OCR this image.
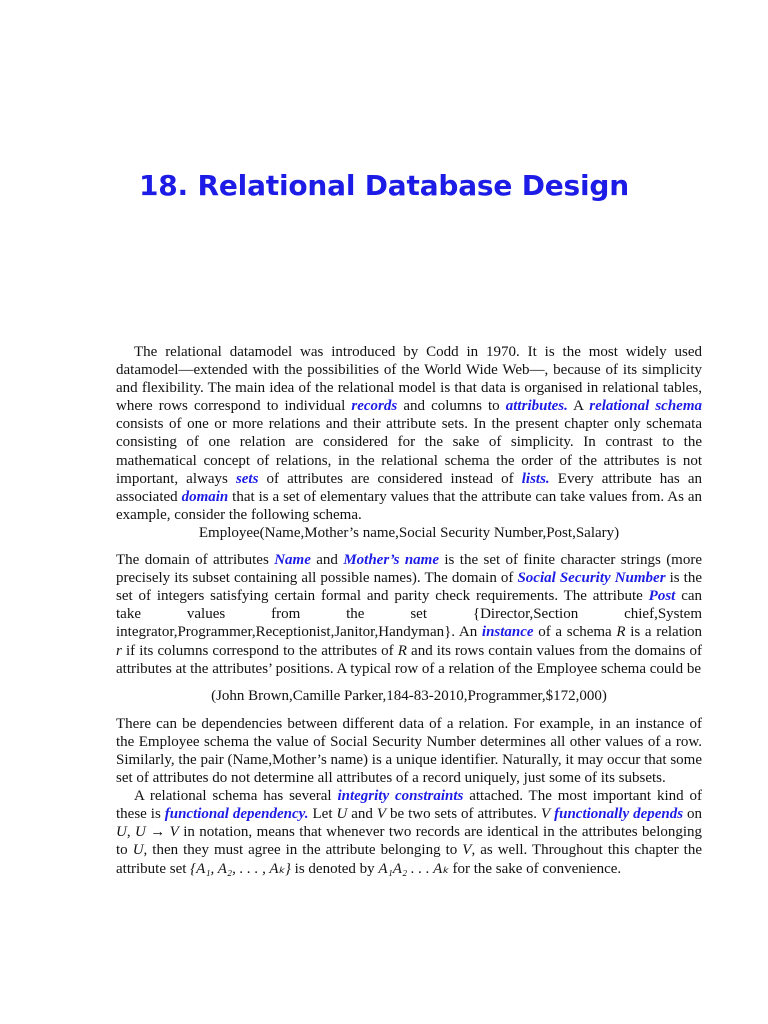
18. Relational Database Design

The relational datamodel was introduced by Codd in 1970. It is the most widely used datamodel—extended with the possibilities of the World Wide Web—, because of its simplicity and flexibility. The main idea of the relational model is that data is organised in relational tables, where rows correspond to individual records and columns to attributes. A relational schema consists of one or more relations and their attribute sets. In the present chapter only schemata consisting of one relation are considered for the sake of simplicity. In contrast to the mathematical concept of relations, in the relational schema the order of the attributes is not important, always sets of attributes are considered instead of lists. Every attribute has an associated domain that is a set of elementary values that the attribute can take values from. As an example, consider the following schema.

Employee(Name,Mother’s name,Social Security Number,Post,Salary)

The domain of attributes Name and Mother’s name is the set of finite character strings (more precisely its subset containing all possible names). The domain of Social Security Number is the set of integers satisfying certain formal and parity check requirements. The attribute Post can take values from the set {Director,Section chief,System integrator,Programmer,Receptionist,Janitor,Handyman}. An instance of a schema R is a relation r if its columns correspond to the attributes of R and its rows contain values from the domains of attributes at the attributes’ positions. A typical row of a relation of the Employee schema could be

(John Brown,Camille Parker,184-83-2010,Programmer,$172,000)

There can be dependencies between different data of a relation. For example, in an instance of the Employee schema the value of Social Security Number determines all other values of a row. Similarly, the pair (Name,Mother’s name) is a unique identifier. Naturally, it may occur that some set of attributes do not determine all attributes of a record uniquely, just some of its subsets.

A relational schema has several integrity constraints attached. The most important kind of these is functional dependency. Let U and V be two sets of attributes. V functionally depends on U, U → V in notation, means that whenever two records are identical in the attributes belonging to U, then they must agree in the attribute belonging to V, as well. Throughout this chapter the attribute set {A₁, A₂, . . . , Aₖ} is denoted by A₁A₂ . . . Aₖ for the sake of convenience.
